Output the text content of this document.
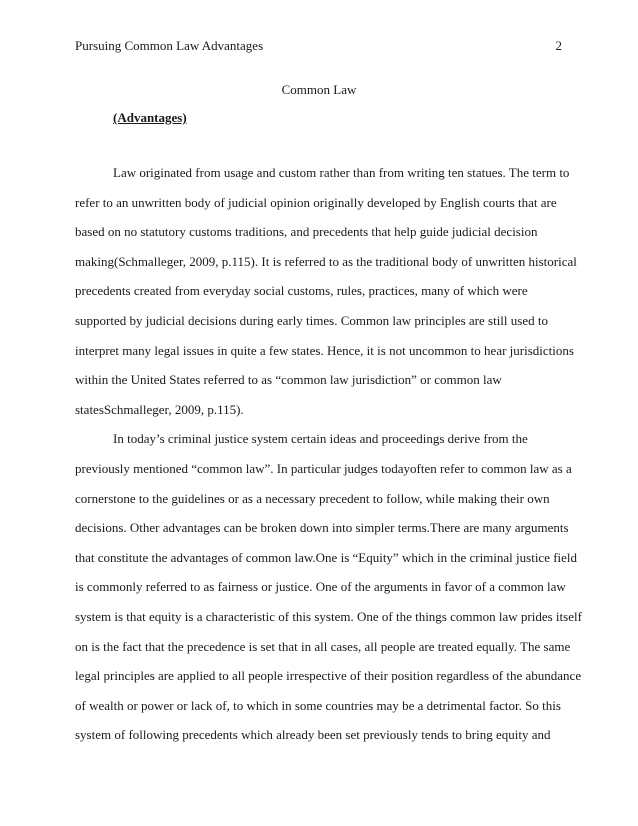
Pursuing Common Law Advantages	2
Common Law
(Advantages)
Law originated from usage and custom rather than from writing ten statues. The term to
refer to an unwritten body of judicial opinion originally developed by English courts that are
based on no statutory customs traditions, and precedents that help guide judicial decision
making(Schmalleger, 2009, p.115). It is referred to as the traditional body of unwritten historical
precedents created from everyday social customs, rules, practices, many of which were
supported by judicial decisions during early times. Common law principles are still used to
interpret many legal issues in quite a few states. Hence, it is not uncommon to hear jurisdictions
within the United States referred to as “common law jurisdiction” or common law
statesSchmalleger, 2009, p.115).
In today’s criminal justice system certain ideas and proceedings derive from the
previously mentioned “common law”. In particular judges todayoften refer to common law as a
cornerstone to the guidelines or as a necessary precedent to follow, while making their own
decisions. Other advantages can be broken down into simpler terms.There are many arguments
that constitute the advantages of common law.One is “Equity” which in the criminal justice field
is commonly referred to as fairness or justice. One of the arguments in favor of a common law
system is that equity is a characteristic of this system. One of the things common law prides itself
on is the fact that the precedence is set that in all cases, all people are treated equally. The same
legal principles are applied to all people irrespective of their position regardless of the abundance
of wealth or power or lack of, to which in some countries may be a detrimental factor. So this
system of following precedents which already been set previously tends to bring equity and
